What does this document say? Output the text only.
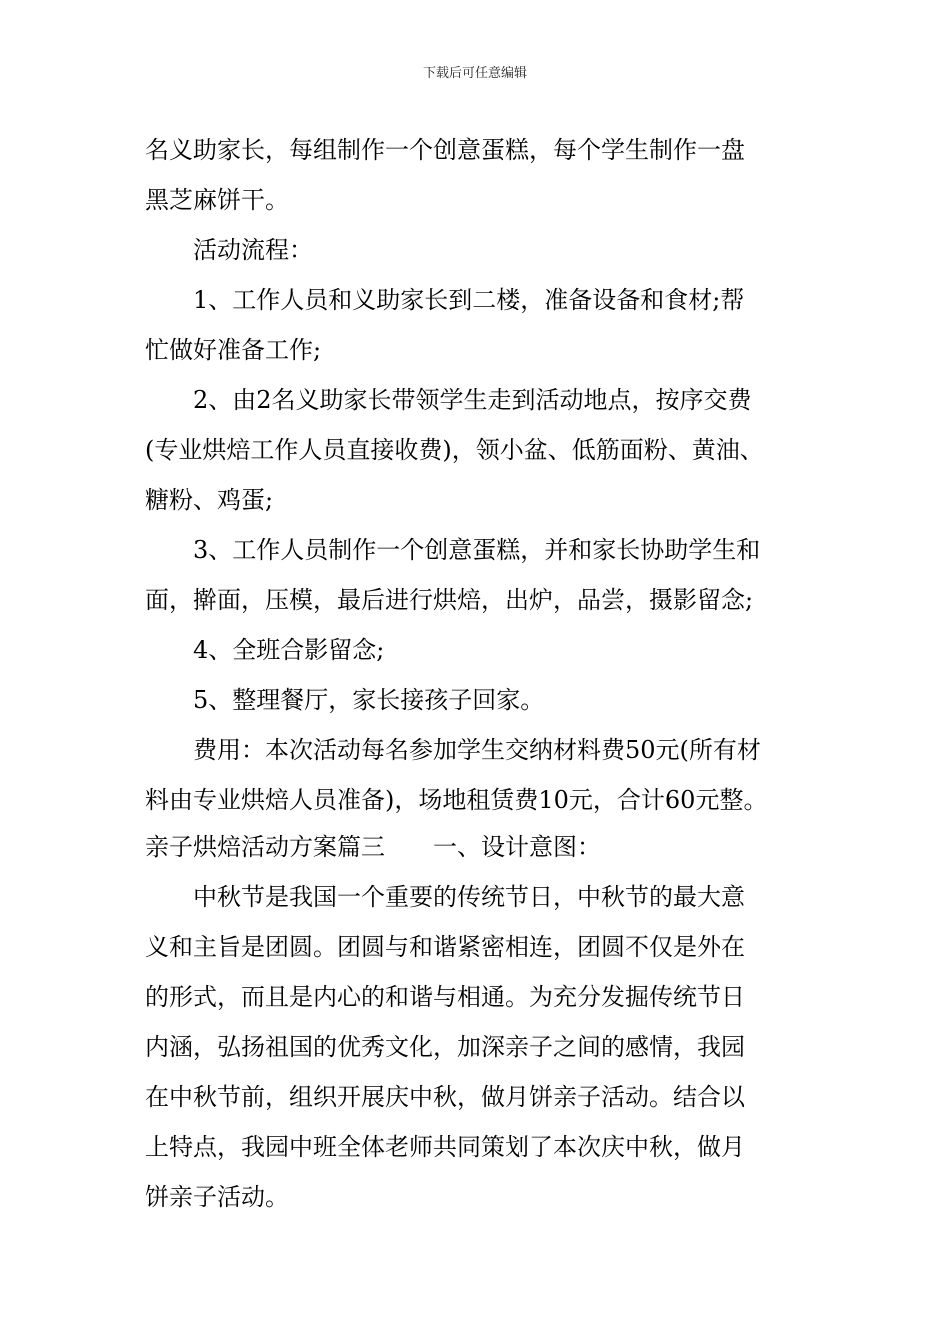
下载后可任意编辑
名义助家长，每组制作一个创意蛋糕，每个学生制作一盘
黑芝麻饼干。
活动流程：
1、工作人员和义助家长到二楼，准备设备和食材;帮
忙做好准备工作;
2、由2名义助家长带领学生走到活动地点，按序交费
(专业烘焙工作人员直接收费)，领小盆、低筋面粉、黄油、
糖粉、鸡蛋;
3、工作人员制作一个创意蛋糕，并和家长协助学生和
面，擀面，压模，最后进行烘焙，出炉，品尝，摄影留念;
4、全班合影留念;
5、整理餐厅，家长接孩子回家。
费用：本次活动每名参加学生交纳材料费50元(所有材
料由专业烘焙人员准备)，场地租赁费10元，合计60元整。
亲子烘焙活动方案篇三　　一、设计意图：
中秋节是我国一个重要的传统节日，中秋节的最大意
义和主旨是团圆。团圆与和谐紧密相连，团圆不仅是外在
的形式，而且是内心的和谐与相通。为充分发掘传统节日
内涵，弘扬祖国的优秀文化，加深亲子之间的感情，我园
在中秋节前，组织开展庆中秋，做月饼亲子活动。结合以
上特点，我园中班全体老师共同策划了本次庆中秋，做月
饼亲子活动。
